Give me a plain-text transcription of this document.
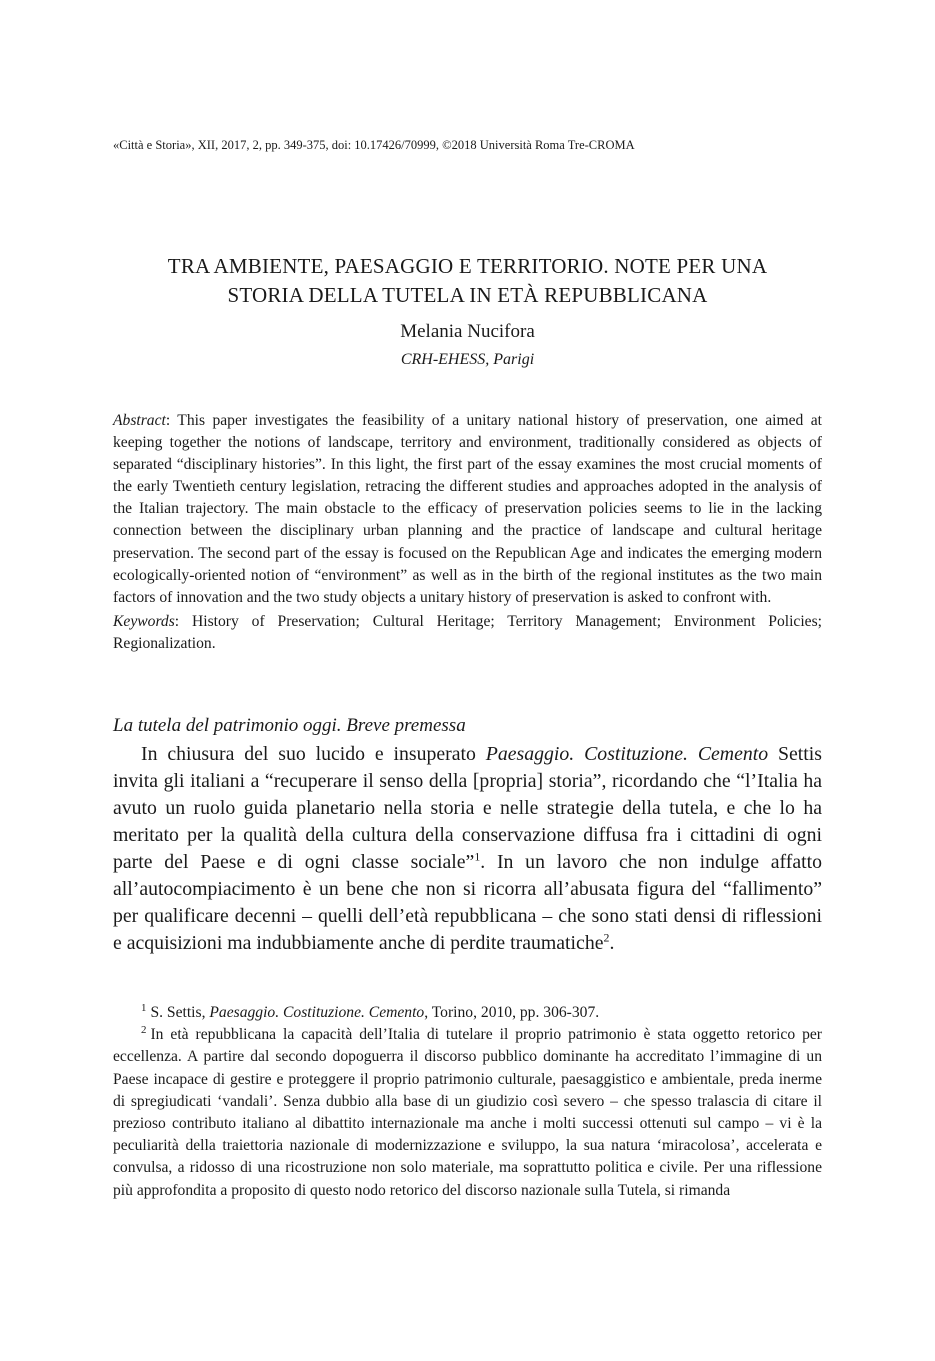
«Città e Storia», XII, 2017, 2, pp. 349-375, doi: 10.17426/70999, ©2018 Università Roma Tre-CROMA
TRA AMBIENTE, PAESAGGIO E TERRITORIO. NOTE PER UNA
STORIA DELLA TUTELA IN ETÀ REPUBBLICANA
Melania Nucifora
CRH-EHESS, Parigi

Abstract: This paper investigates the feasibility of a unitary national history of preservation, one aimed at keeping together the notions of landscape, territory and environment, traditionally considered as objects of separated “disciplinary histories”. In this light, the first part of the essay examines the most crucial moments of the early Twentieth century legislation, retracing the different studies and approaches adopted in the analysis of the Italian trajectory. The main obstacle to the efficacy of preservation policies seems to lie in the lacking connection between the disciplinary urban planning and the practice of landscape and cultural heritage preservation. The second part of the essay is focused on the Republican Age and indicates the emerging modern ecologically-oriented notion of “environment” as well as in the birth of the regional institutes as the two main factors of innovation and the two study objects a unitary history of preservation is asked to confront with.

Keywords: History of Preservation; Cultural Heritage; Territory Management; Environment Policies; Regionalization.

La tutela del patrimonio oggi. Breve premessa

In chiusura del suo lucido e insuperato Paesaggio. Costituzione. Cemento Settis invita gli italiani a “recuperare il senso della [propria] storia”, ricordando che “l’Italia ha avuto un ruolo guida planetario nella storia e nelle strategie della tutela, e che lo ha meritato per la qualità della cultura della conservazione diffusa fra i cittadini di ogni parte del Paese e di ogni classe sociale”$^1$. In un lavoro che non indulge affatto all’autocompiacimento è un bene che non si ricorra all’abusata figura del “fallimento” per qualificare decenni – quelli dell’età repubblicana – che sono stati densi di riflessioni e acquisizioni ma indubbiamente anche di perdite traumatiche$^2$.

$^1$ S. Settis, Paesaggio. Costituzione. Cemento, Torino, 2010, pp. 306-307.

$^2$ In età repubblicana la capacità dell’Italia di tutelare il proprio patrimonio è stata oggetto retorico per eccellenza. A partire dal secondo dopoguerra il discorso pubblico dominante ha accreditato l’immagine di un Paese incapace di gestire e proteggere il proprio patrimonio culturale, paesaggistico e ambientale, preda inerme di spregiudicati ‘vandali’. Senza dubbio alla base di un giudizio così severo – che spesso tralascia di citare il prezioso contributo italiano al dibattito internazionale ma anche i molti successi ottenuti sul campo – vi è la peculiarità della traiettoria nazionale di modernizzazione e sviluppo, la sua natura ‘miracolosa’, accelerata e convulsa, a ridosso di una ricostruzione non solo materiale, ma soprattutto politica e civile. Per una riflessione più approfondita a proposito di questo nodo retorico del discorso nazionale sulla Tutela, si rimanda
